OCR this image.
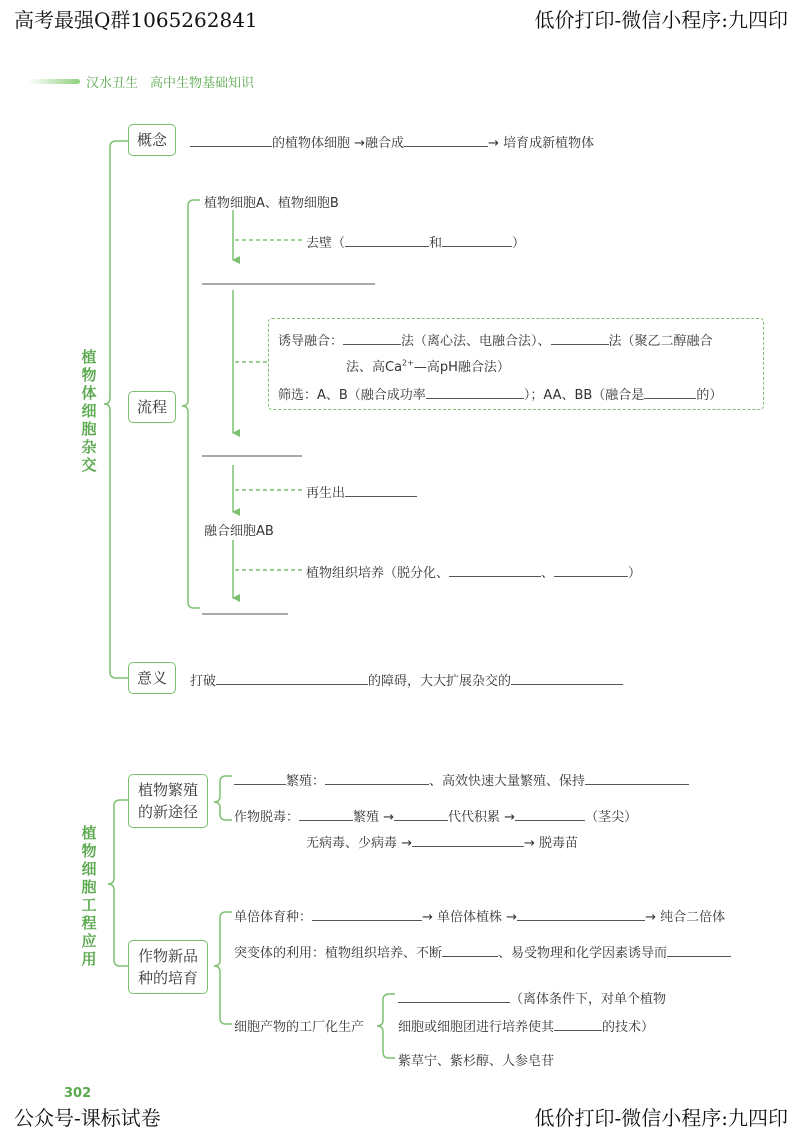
高考最强Q群1065262841	低价打印-微信小程序:九四印
汉水丑生 高中生物基础知识
植物体细胞杂交
概念	的植物体细胞 →融合成	→ 培育成新植物体
流程
植物细胞A、植物细胞B
去壁（	和	）
诱导融合：	法（离心法、电融合法）、	法（聚乙二醇融合
法、高$Ca^{2+}—$高pH融合法）
筛选：A、B（融合成功率	）；AA、BB（融合是	的）
再生出
融合细胞AB
植物组织培养（脱分化、	、	）
意义	打破	的障碍，大大扩展杂交的
植物细胞工程应用
植物繁殖的新途径
繁殖：	、高效快速大量繁殖、保持
作物脱毒：	繁殖 →	代代积累 →	（茎尖）
无病毒、少病毒 →	→ 脱毒苗
作物新品种的培育
单倍体育种：	→ 单倍体植株 →	→ 纯合二倍体
突变体的利用：植物组织培养、不断	、易受物理和化学因素诱导而
细胞产物的工厂化生产
（离体条件下，对单个植物
细胞或细胞团进行培养使其	的技术）
紫草宁、紫杉醇、人参皂苷
302
公众号-课标试卷	低价打印-微信小程序:九四印
